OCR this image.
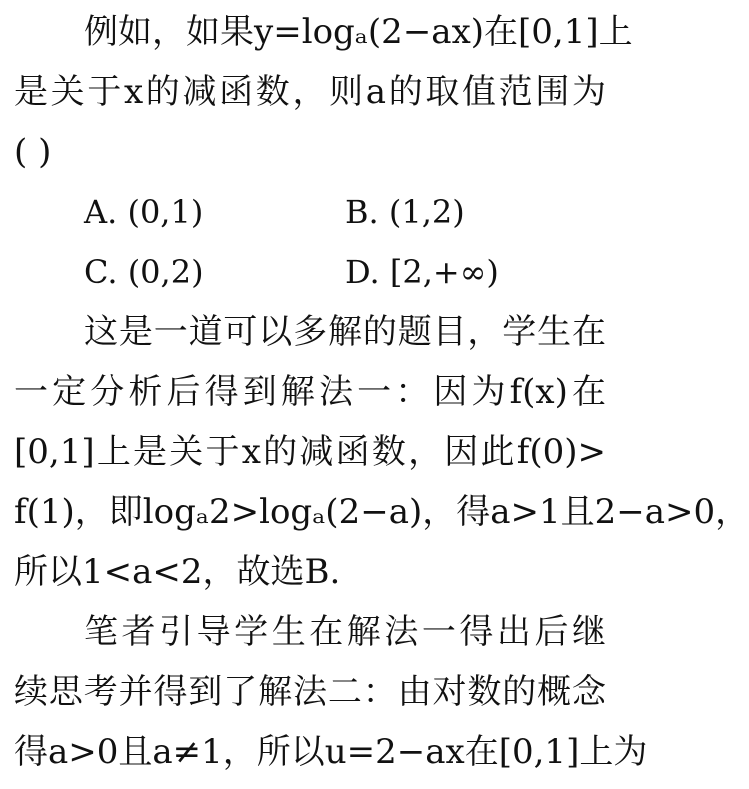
例如，如果y=logₐ(2−ax)在[0,1]上
是关于x的减函数，则a的取值范围为
( )
A. (0,1)	B. (1,2)
C. (0,2)	D. [2,+∞)
这是一道可以多解的题目，学生在
一定分析后得到解法一：因为f(x)在
[0,1]上是关于x的减函数，因此f(0)>
f(1)，即logₐ2>logₐ(2−a)，得a>1且2−a>0，
所以1<a<2，故选B.
笔者引导学生在解法一得出后继
续思考并得到了解法二：由对数的概念
得a>0且a≠1，所以u=2−ax在[0,1]上为
